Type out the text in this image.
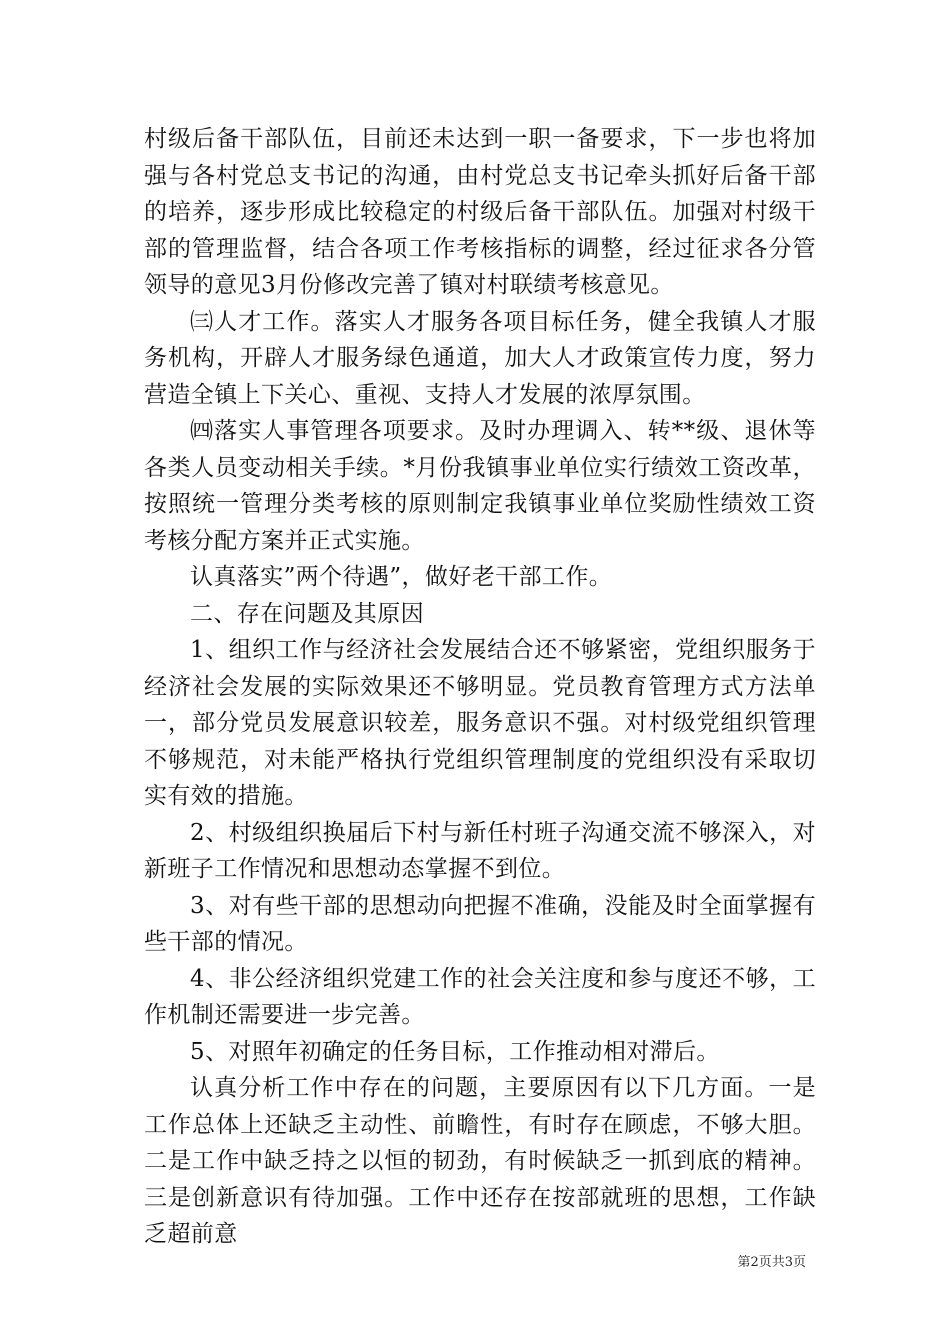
村级后备干部队伍，目前还未达到一职一备要求，下一步也将加强与各村党总支书记的沟通，由村党总支书记牵头抓好后备干部的培养，逐步形成比较稳定的村级后备干部队伍。加强对村级干部的管理监督，结合各项工作考核指标的调整，经过征求各分管领导的意见3月份修改完善了镇对村联绩考核意见。

㈢人才工作。落实人才服务各项目标任务，健全我镇人才服务机构，开辟人才服务绿色通道，加大人才政策宣传力度，努力营造全镇上下关心、重视、支持人才发展的浓厚氛围。

㈣落实人事管理各项要求。及时办理调入、转**级、退休等各类人员变动相关手续。*月份我镇事业单位实行绩效工资改革，按照统一管理分类考核的原则制定我镇事业单位奖励性绩效工资考核分配方案并正式实施。

认真落实”两个待遇”，做好老干部工作。

二、存在问题及其原因

1、组织工作与经济社会发展结合还不够紧密，党组织服务于经济社会发展的实际效果还不够明显。党员教育管理方式方法单一，部分党员发展意识较差，服务意识不强。对村级党组织管理不够规范，对未能严格执行党组织管理制度的党组织没有采取切实有效的措施。

2、村级组织换届后下村与新任村班子沟通交流不够深入，对新班子工作情况和思想动态掌握不到位。

3、对有些干部的思想动向把握不准确，没能及时全面掌握有些干部的情况。

4、非公经济组织党建工作的社会关注度和参与度还不够，工作机制还需要进一步完善。

5、对照年初确定的任务目标，工作推动相对滞后。

认真分析工作中存在的问题，主要原因有以下几方面。一是工作总体上还缺乏主动性、前瞻性，有时存在顾虑，不够大胆。二是工作中缺乏持之以恒的韧劲，有时候缺乏一抓到底的精神。三是创新意识有待加强。工作中还存在按部就班的思想，工作缺乏超前意

第2页共3页
